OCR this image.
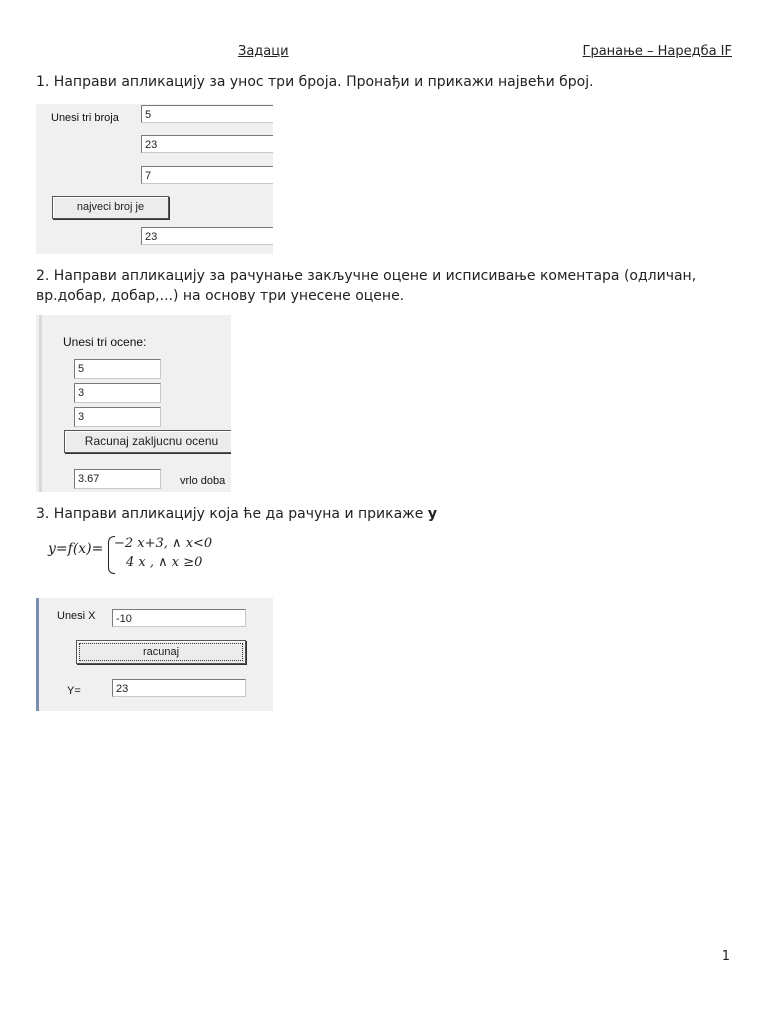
Задаци	Гранање – Наредба IF
1. Направи апликацију за унос три броја. Пронађи и прикажи највећи број.
Unesi tri broja	5
23
7
najveci broj je
23
2. Направи апликацију за рачунање закључне оцене и исписивање коментара (одличан, вр.добар, добар,...) на основу три унесене оцене.
Unesi tri ocene:
5
3
3
Racunaj zakljucnu ocenu
3.67	vrlo doba
3. Направи апликацију која ће да рачуна и прикаже y
y=f(x)= −2 x+3, ∧ x<0
4 x , ∧ x ≥0
Unesi X	-10
racunaj
Y=	23
1
